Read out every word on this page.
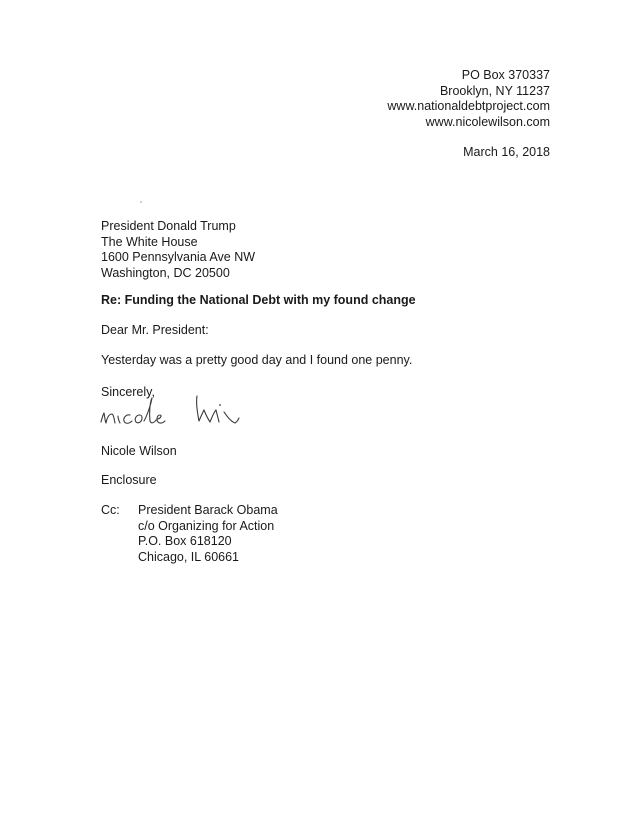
PO Box 370337
Brooklyn, NY 11237
www.nationaldebtproject.com
www.nicolewilson.com
March 16, 2018
President Donald Trump
The White House
1600 Pennsylvania Ave NW
Washington, DC 20500
Re: Funding the National Debt with my found change
Dear Mr. President:
Yesterday was a pretty good day and I found one penny.
Sincerely,
Nicole Wilson
Enclosure
Cc: President Barack Obama
c/o Organizing for Action
P.O. Box 618120
Chicago, IL 60661
